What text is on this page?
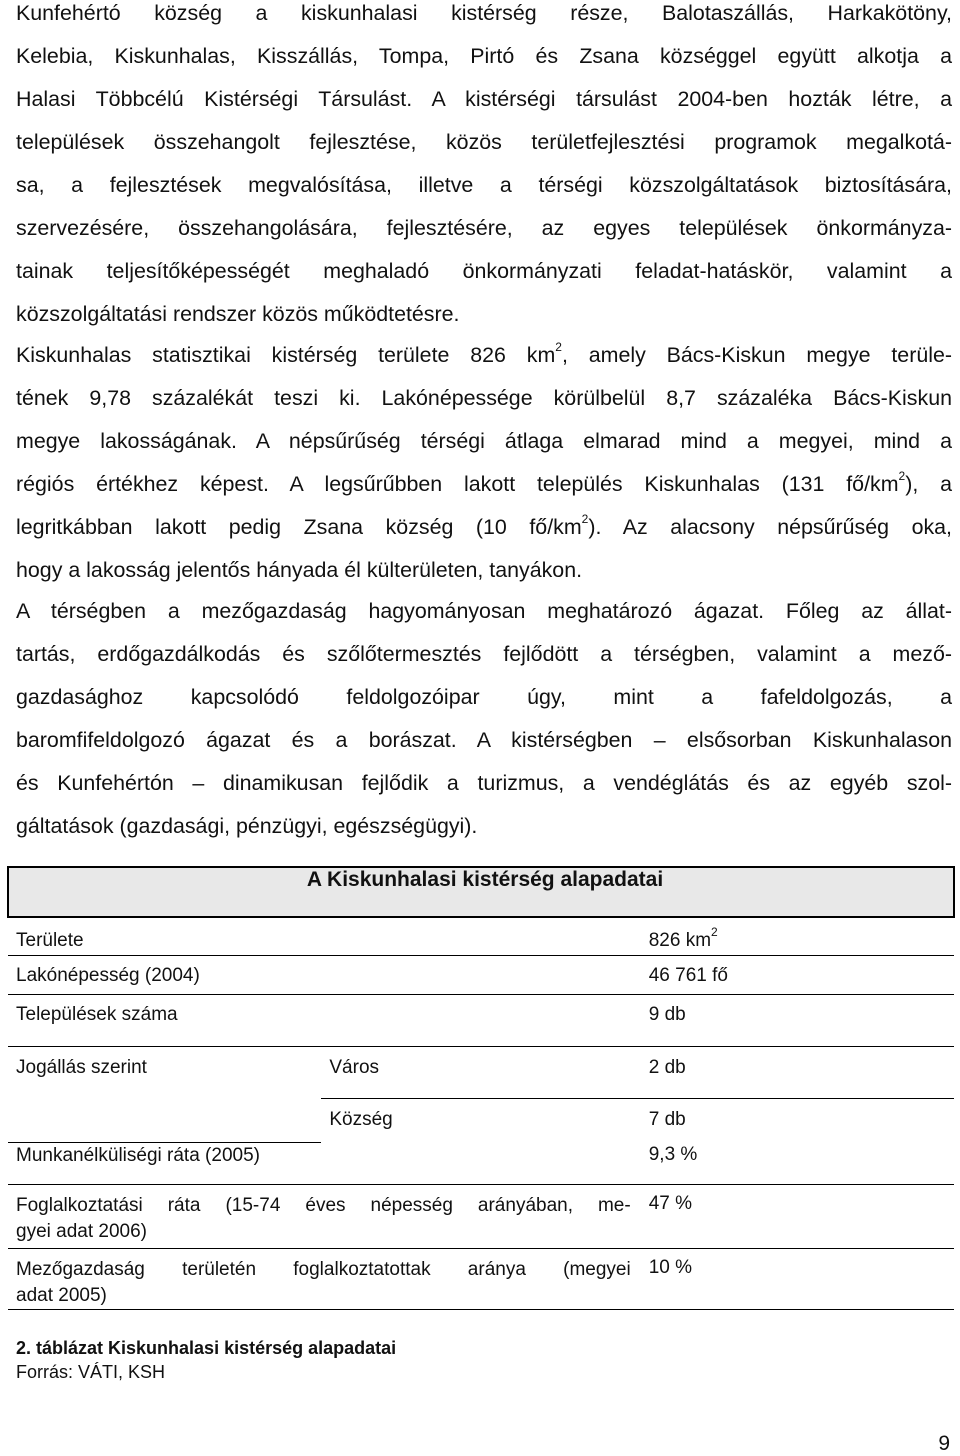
Kunfehértó község a kiskunhalasi kistérség része, Balotaszállás, Harkakötöny,
Kelebia, Kiskunhalas, Kisszállás, Tompa, Pirtó és Zsana községgel együtt alkotja a
Halasi Többcélú Kistérségi Társulást. A kistérségi társulást 2004-ben hozták létre, a
települések összehangolt fejlesztése, közös területfejlesztési programok megalkotá-
sa, a fejlesztések megvalósítása, illetve a térségi közszolgáltatások biztosítására,
szervezésére, összehangolására, fejlesztésére, az egyes települések önkormányza-
tainak teljesítőképességét meghaladó önkormányzati feladat-hatáskör, valamint a
közszolgáltatási rendszer közös működtetésre.

Kiskunhalas statisztikai kistérség területe 826 $km^2$, amely Bács-Kiskun megye terüle-
tének 9,78 százalékát teszi ki. Lakónépessége körülbelül 8,7 százaléka Bács-Kiskun
megye lakosságának. A népsűrűség térségi átlaga elmarad mind a megyei, mind a
régiós értékhez képest. A legsűrűbben lakott település Kiskunhalas (131 $fő/km^2$), a
legritkábban lakott pedig Zsana község (10 $fő/km^2$). Az alacsony népsűrűség oka,
hogy a lakosság jelentős hányada él külterületen, tanyákon.

A térségben a mezőgazdaság hagyományosan meghatározó ágazat. Főleg az állat-
tartás, erdőgazdálkodás és szőlőtermesztés fejlődött a térségben, valamint a mező-
gazdasághoz kapcsolódó feldolgozóipar úgy, mint a fafeldolgozás, a
baromfifeldolgozó ágazat és a borászat. A kistérségben – elsősorban Kiskunhalason
és Kunfehértón – dinamikusan fejlődik a turizmus, a vendéglátás és az egyéb szol-
gáltatások (gazdasági, pénzügyi, egészségügyi).

A Kiskunhalasi kistérség alapadatai		
Területe		826 $km^2$
Lakónépesség (2004)		46 761 fő
Települések száma		9 db
Jogállás szerint	Város	2 db
	Község	7 db
Munkanélküliségi ráta (2005)		9,3 %

Foglalkoztatási ráta (15-74 éves népesség arányában, me-
gyei adat 2006)		47 %

Mezőgazdaság területén foglalkoztatottak aránya (megyei
adat 2005)		10 %
2. táblázat Kiskunhalasi kistérség alapadatai
Forrás: VÁTI, KSH
9
